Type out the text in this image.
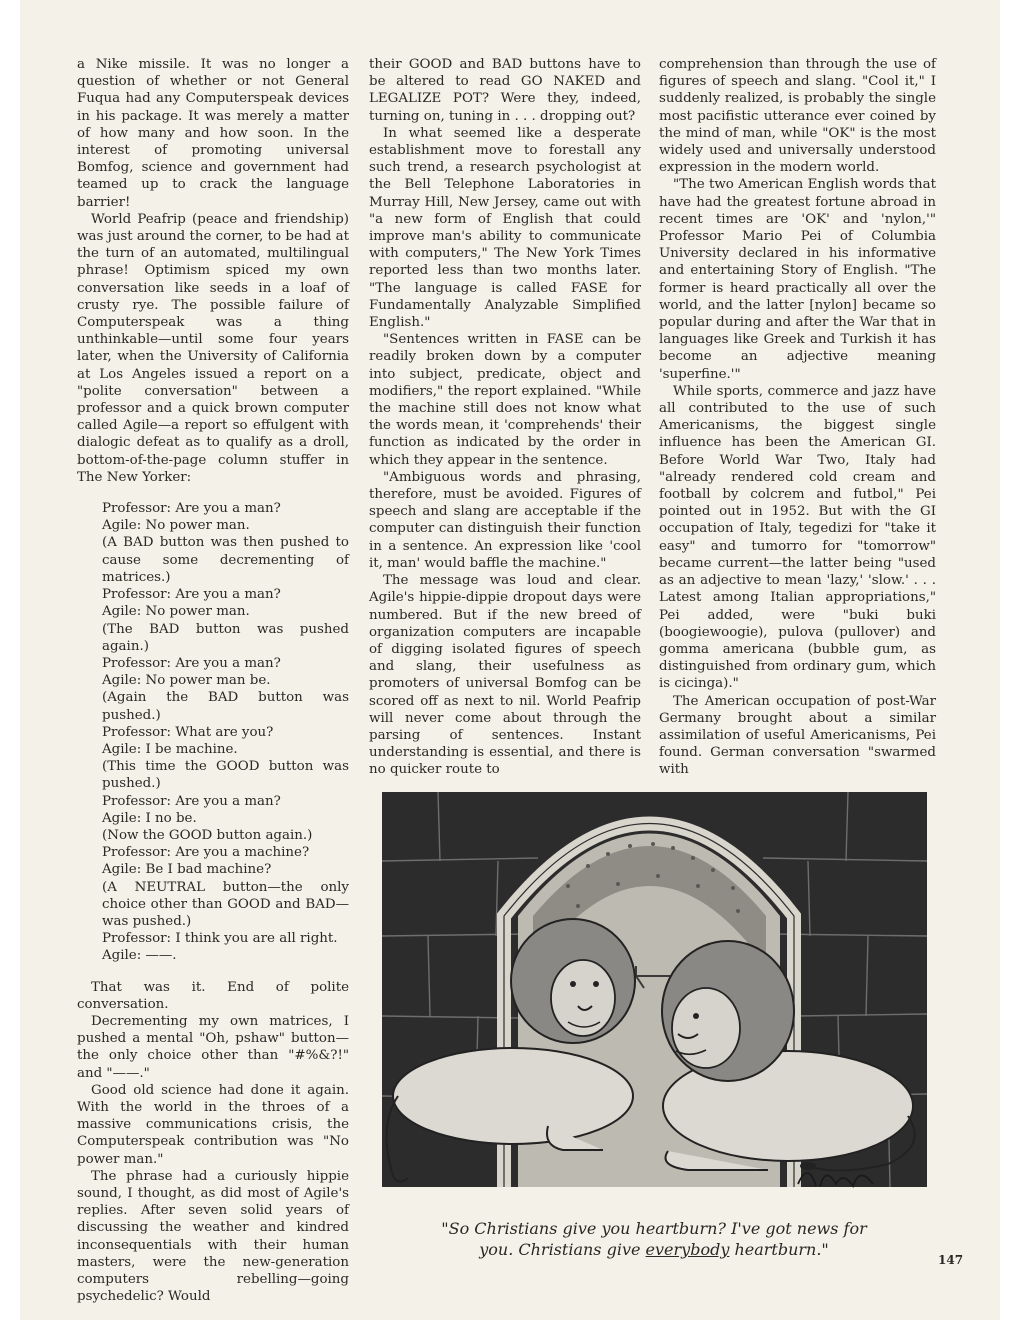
a Nike missile. It was no longer a question of whether or not General Fuqua had any Computerspeak devices in his package. It was merely a matter of how many and how soon. In the interest of promoting universal Bomfog, science and government had teamed up to crack the language barrier!

World Peafrip (peace and friendship) was just around the corner, to be had at the turn of an automated, multilingual phrase! Optimism spiced my own conversation like seeds in a loaf of crusty rye. The possible failure of Computerspeak was a thing unthinkable—until some four years later, when the University of California at Los Angeles issued a report on a "polite conversation" between a professor and a quick brown computer called Agile—a report so effulgent with dialogic defeat as to qualify as a droll, bottom-of-the-page column stuffer in The New Yorker:

Professor: Are you a man?

Agile: No power man.

(A BAD button was then pushed to cause some decrementing of matrices.)

Professor: Are you a man?

Agile: No power man.

(The BAD button was pushed again.)

Professor: Are you a man?

Agile: No power man be.

(Again the BAD button was pushed.)

Professor: What are you?

Agile: I be machine.

(This time the GOOD button was pushed.)

Professor: Are you a man?

Agile: I no be.

(Now the GOOD button again.)

Professor: Are you a machine?

Agile: Be I bad machine?

(A NEUTRAL button—the only choice other than GOOD and BAD—was pushed.)

Professor: I think you are all right.

Agile: ——.

That was it. End of polite conversation.

Decrementing my own matrices, I pushed a mental "Oh, pshaw" button—the only choice other than "#%&?!" and "——."

Good old science had done it again. With the world in the throes of a massive communications crisis, the Computerspeak contribution was "No power man."

The phrase had a curiously hippie sound, I thought, as did most of Agile's replies. After seven solid years of discussing the weather and kindred inconsequentials with their human masters, were the new-generation computers rebelling—going psychedelic? Would

their GOOD and BAD buttons have to be altered to read GO NAKED and LEGALIZE POT? Were they, indeed, turning on, tuning in . . . dropping out?

In what seemed like a desperate establishment move to forestall any such trend, a research psychologist at the Bell Telephone Laboratories in Murray Hill, New Jersey, came out with "a new form of English that could improve man's ability to communicate with computers," The New York Times reported less than two months later. "The language is called FASE for Fundamentally Analyzable Simplified English."

"Sentences written in FASE can be readily broken down by a computer into subject, predicate, object and modifiers," the report explained. "While the machine still does not know what the words mean, it 'comprehends' their function as indicated by the order in which they appear in the sentence.

"Ambiguous words and phrasing, therefore, must be avoided. Figures of speech and slang are acceptable if the computer can distinguish their function in a sentence. An expression like 'cool it, man' would baffle the machine."

The message was loud and clear. Agile's hippie-dippie dropout days were numbered. But if the new breed of organization computers are incapable of digging isolated figures of speech and slang, their usefulness as promoters of universal Bomfog can be scored off as next to nil. World Peafrip will never come about through the parsing of sentences. Instant understanding is essential, and there is no quicker route to

comprehension than through the use of figures of speech and slang. "Cool it," I suddenly realized, is probably the single most pacifistic utterance ever coined by the mind of man, while "OK" is the most widely used and universally understood expression in the modern world.

"The two American English words that have had the greatest fortune abroad in recent times are 'OK' and 'nylon,'" Professor Mario Pei of Columbia University declared in his informative and entertaining Story of English. "The former is heard practically all over the world, and the latter [nylon] became so popular during and after the War that in languages like Greek and Turkish it has become an adjective meaning 'superfine.'"

While sports, commerce and jazz have all contributed to the use of such Americanisms, the biggest single influence has been the American GI. Before World War Two, Italy had "already rendered cold cream and football by colcrem and futbol," Pei pointed out in 1952. But with the GI occupation of Italy, tegedizi for "take it easy" and tumorro for "tomorrow" became current—the latter being "used as an adjective to mean 'lazy,' 'slow.' . . . Latest among Italian appropriations," Pei added, were "buki buki (boogiewoogie), pulova (pullover) and gomma americana (bubble gum, as distinguished from ordinary gum, which is cicinga)."

The American occupation of post-War Germany brought about a similar assimilation of useful Americanisms, Pei found. German conversation "swarmed with

"So Christians give you heartburn? I've got news for
you. Christians give everybody heartburn."
147
